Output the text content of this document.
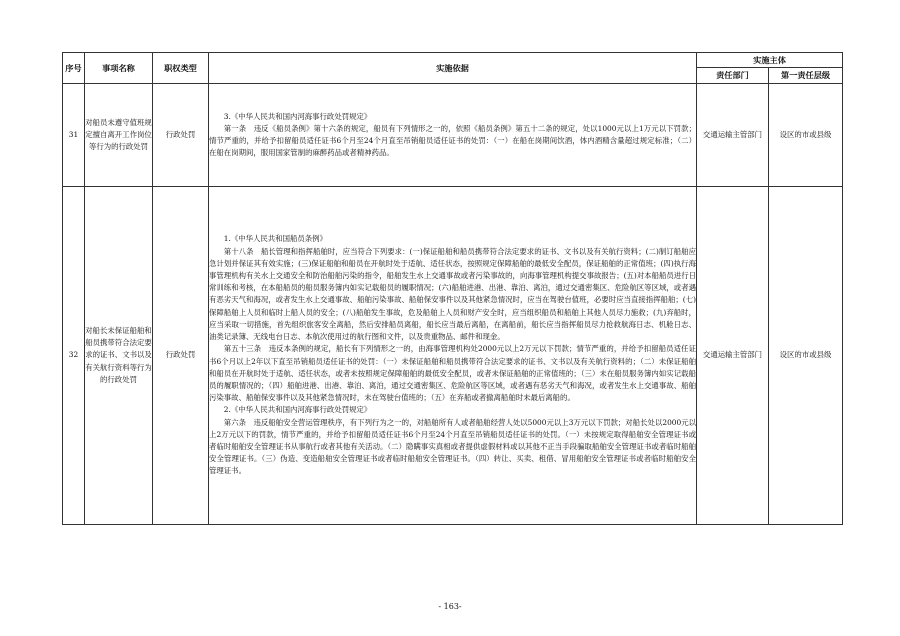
序号	事项名称	职权类型	实施依据	实施主体	
				责任部门	第一责任层级
31	对船员未遵守值班规定擅自离开工作岗位等行为的行政处罚	行政处罚	3.《中华人民共和国内河海事行政处罚规定》

第一条　违反《船员条例》第十六条的规定，船员有下列情形之一的，依照《船员条例》第五十二条的规定，处以1000元以上1万元以下罚款；情节严重的，并给予扣留船员适任证书6个月至24个月直至吊销船员适任证书的处罚：（一）在船在岗期间饮酒，体内酒精含量超过规定标准；（二）在船在岗期间，服用国家管制的麻醉药品或者精神药品。	交通运输主管部门	设区的市或县级
32	对船长未保证船舶和船员携带符合法定要求的证书、文书以及有关航行资料等行为的行政处罚	行政处罚	1.《中华人民共和国船员条例》

第十八条　船长管理和指挥船舶时，应当符合下列要求：(一)保证船舶和船员携带符合法定要求的证书、文书以及有关航行资料；(二)制订船舶应急计划并保证其有效实施；(三)保证船舶和船员在开航时处于适航、适任状态，按照规定保障船舶的最低安全配员，保证船舶的正常值班；(四)执行海事管理机构有关水上交通安全和防治船舶污染的指令，船舶发生水上交通事故或者污染事故的，向海事管理机构提交事故报告；(五)对本船船员进行日常训练和考核，在本船船员的船员服务簿内如实记载船员的履职情况；(六)船舶进港、出港、靠泊、离泊，通过交通密集区、危险航区等区域，或者遇有恶劣天气和海况，或者发生水上交通事故、船舶污染事故、船舶保安事件以及其他紧急情况时，应当在驾驶台值班，必要时应当直接指挥船舶；(七)保障船舶上人员和临时上船人员的安全；(八)船舶发生事故，危及船舶上人员和财产安全时，应当组织船员和船舶上其他人员尽力施救；(九)弃船时，应当采取一切措施，首先组织旅客安全离船，然后安排船员离船，船长应当最后离船，在离船前，船长应当指挥船员尽力抢救航海日志、机舱日志、油类记录簿、无线电台日志、本航次使用过的航行图和文件，以及贵重物品、邮件和现金。

第五十三条　违反本条例的规定，船长有下列情形之一的，由海事管理机构处2000元以上2万元以下罚款；情节严重的，并给予扣留船员适任证书6个月以上2年以下直至吊销船员适任证书的处罚：（一）未保证船舶和船员携带符合法定要求的证书、文书以及有关航行资料的；（二）未保证船舶和船员在开航时处于适航、适任状态，或者未按照规定保障船舶的最低安全配员，或者未保证船舶的正常值班的；（三）未在船员服务簿内如实记载船员的履职情况的；（四）船舶进港、出港、靠泊、离泊，通过交通密集区、危险航区等区域，或者遇有恶劣天气和海况，或者发生水上交通事故、船舶污染事故、船舶保安事件以及其他紧急情况时，未在驾驶台值班的；（五）在弃船或者撤离船舶时未最后离船的。

2.《中华人民共和国内河海事行政处罚规定》

第六条　违反船舶安全营运管理秩序，有下列行为之一的，对船舶所有人或者船舶经营人处以5000元以上3万元以下罚款；对船长处以2000元以上2万元以下的罚款，情节严重的，并给予扣留船员适任证书6个月至24个月直至吊销船员适任证书的处罚。（一）未按规定取得船舶安全管理证书或者临时船舶安全管理证书从事航行或者其他有关活动。（二）隐瞒事实真相或者提供虚假材料或以其他不正当手段骗取船舶安全管理证书或者临时船舶安全管理证书。（三）伪造、变造船舶安全管理证书或者临时船舶安全管理证书。（四）转让、买卖、租借、冒用船舶安全管理证书或者临时船舶安全管理证书。	交通运输主管部门	设区的市或县级
- 163-
